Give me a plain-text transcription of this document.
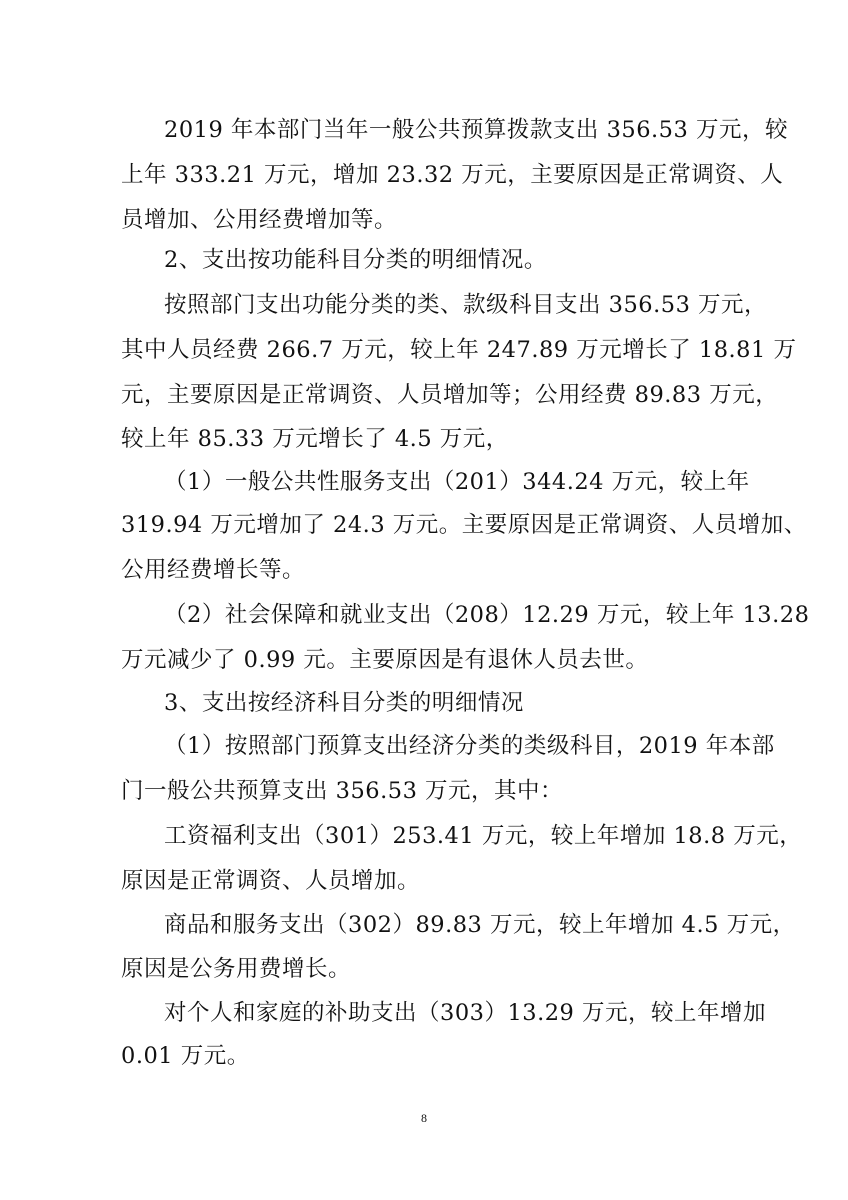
2019 年本部门当年一般公共预算拨款支出 356.53 万元，较
上年 333.21 万元，增加 23.32 万元，主要原因是正常调资、人
员增加、公用经费增加等。
2、支出按功能科目分类的明细情况。
按照部门支出功能分类的类、款级科目支出 356.53 万元，
其中人员经费 266.7 万元，较上年 247.89 万元增长了 18.81 万
元，主要原因是正常调资、人员增加等；公用经费 89.83 万元，
较上年 85.33 万元增长了 4.5 万元，
（1）一般公共性服务支出（201）344.24 万元，较上年
319.94 万元增加了 24.3 万元。主要原因是正常调资、人员增加、
公用经费增长等。
（2）社会保障和就业支出（208）12.29 万元，较上年 13.28
万元减少了 0.99 元。主要原因是有退休人员去世。
3、支出按经济科目分类的明细情况
（1）按照部门预算支出经济分类的类级科目，2019 年本部
门一般公共预算支出 356.53 万元，其中：
工资福利支出（301）253.41 万元，较上年增加 18.8 万元，
原因是正常调资、人员增加。
商品和服务支出（302）89.83 万元，较上年增加 4.5 万元，
原因是公务用费增长。
对个人和家庭的补助支出（303）13.29 万元，较上年增加
0.01 万元。
8
